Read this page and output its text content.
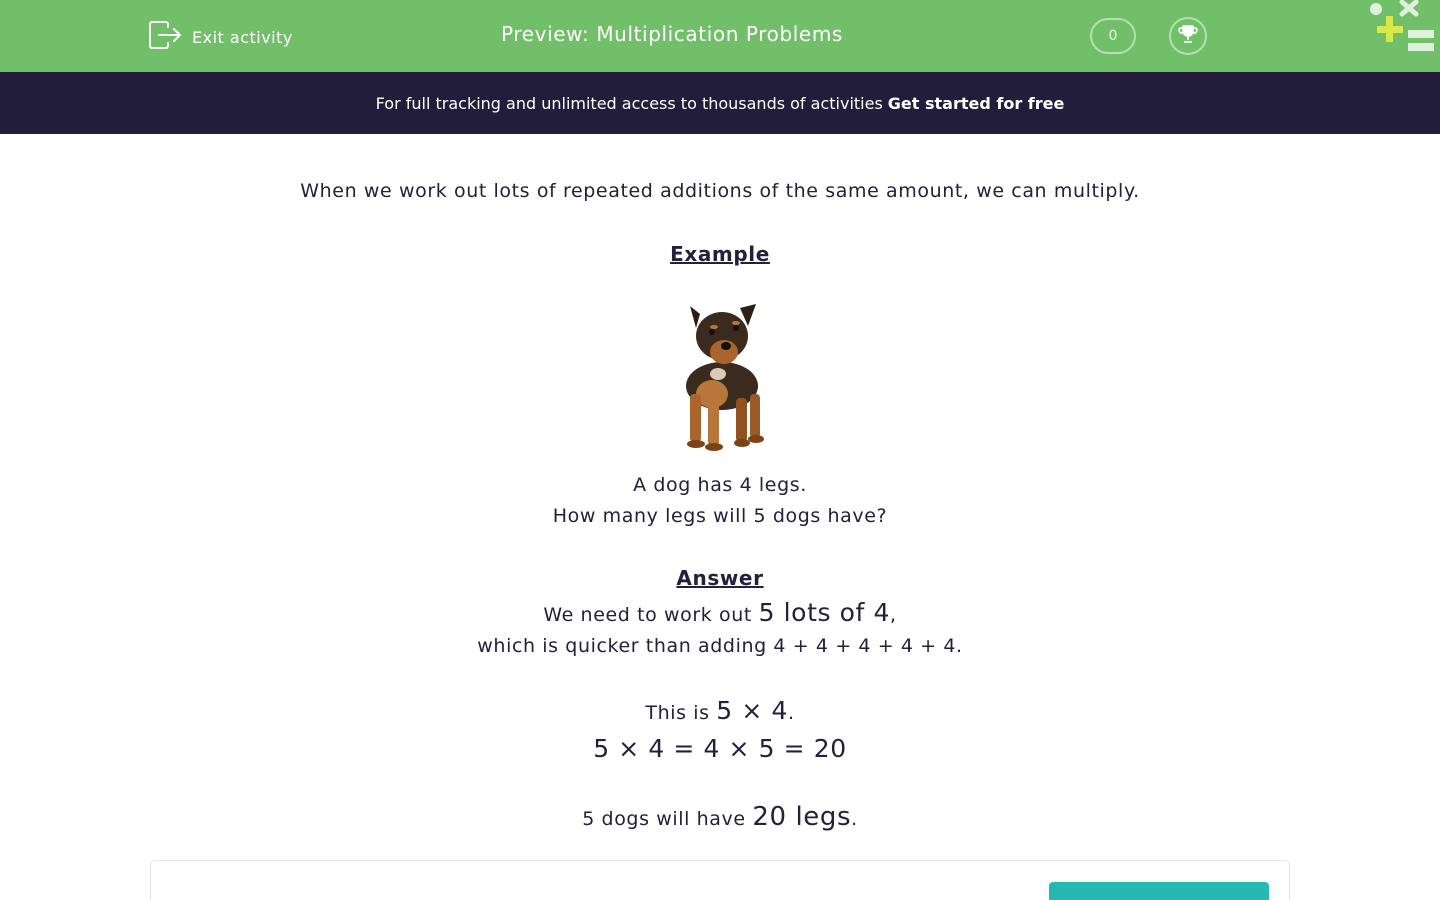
Exit activity	Preview: Multiplication Problems	0
For full tracking and unlimited access to thousands of activities Get started for free
When we work out lots of repeated additions of the same amount, we can multiply.
Example
A dog has 4 legs.
How many legs will 5 dogs have?
Answer
We need to work out 5 lots of 4,
which is quicker than adding 4 + 4 + 4 + 4 + 4.
This is 5 × 4.
5 × 4 = 4 × 5 = 20
5 dogs will have 20 legs.
